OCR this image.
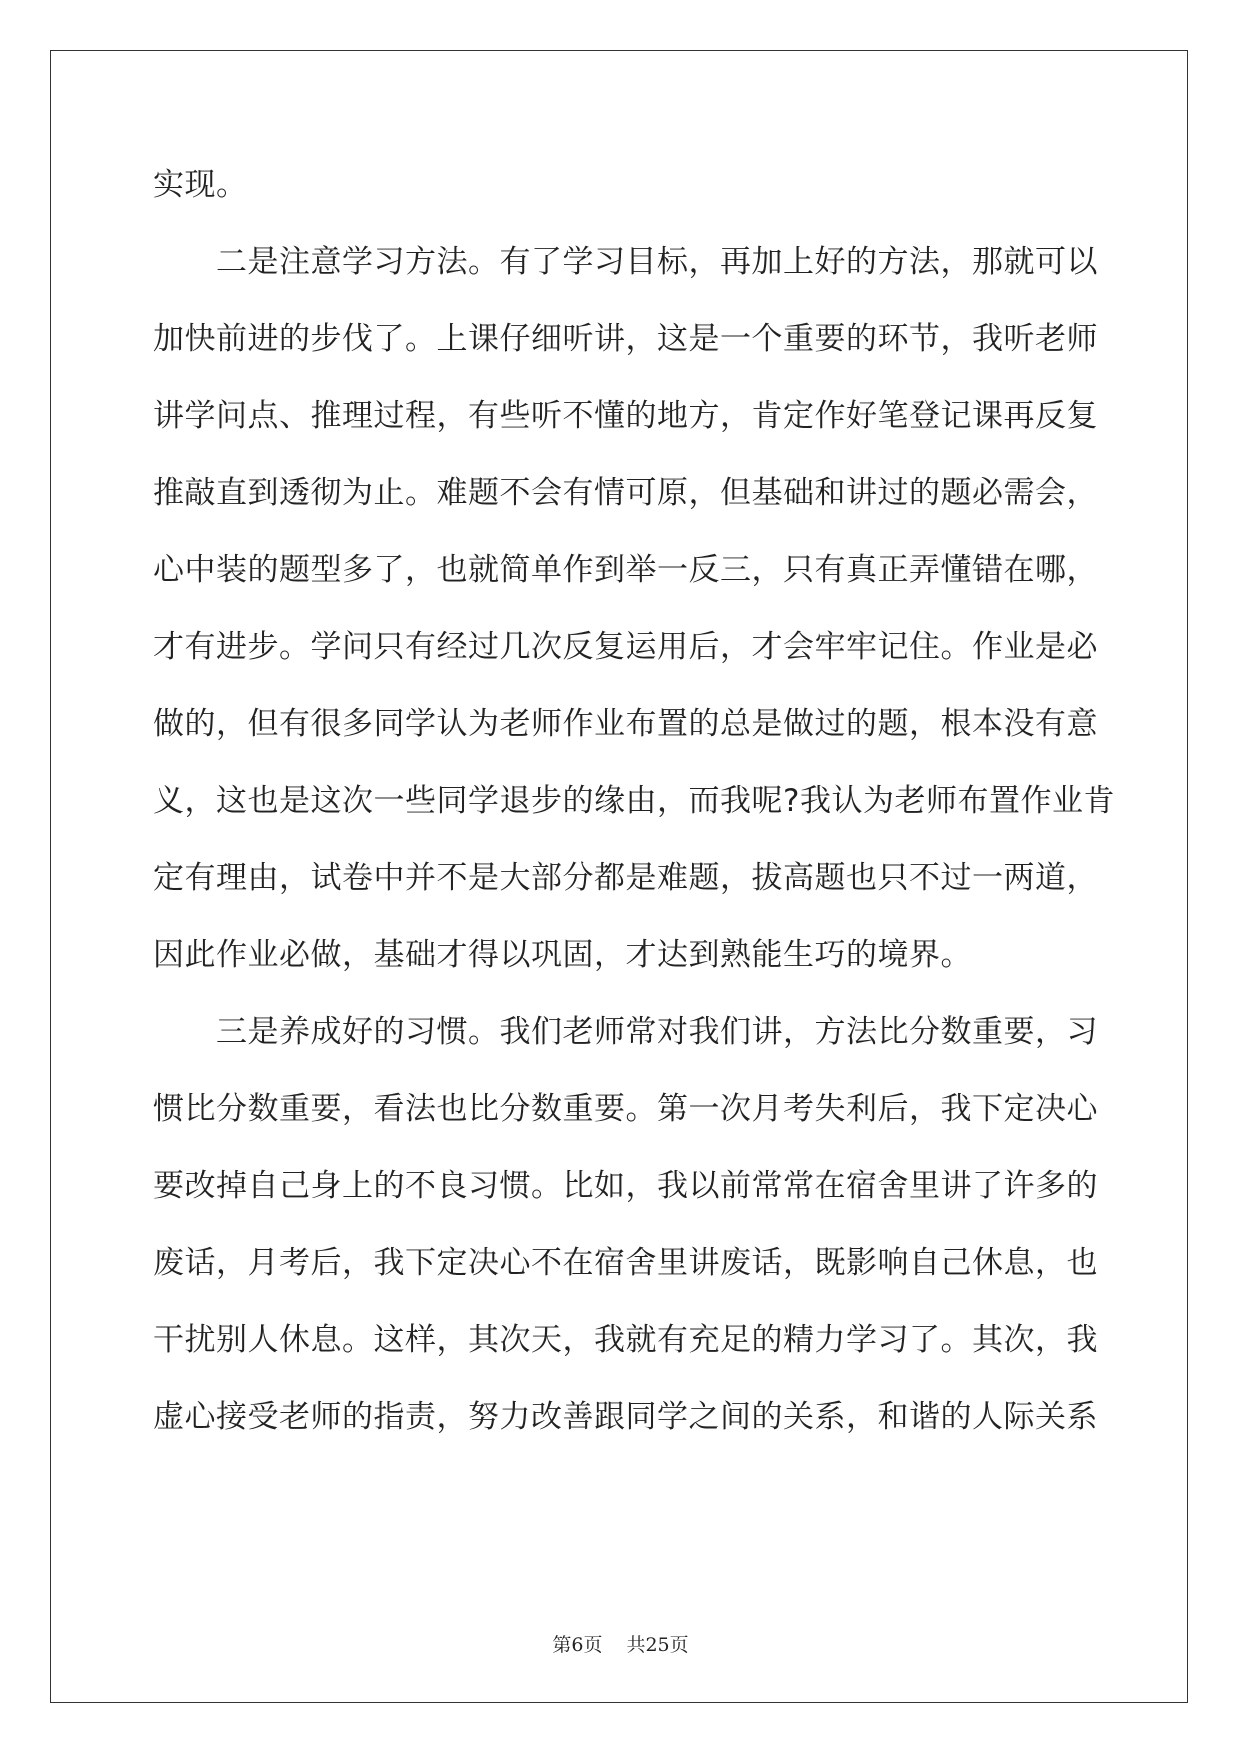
实现。
　　二是注意学习方法。有了学习目标，再加上好的方法，那就可以
加快前进的步伐了。上课仔细听讲，这是一个重要的环节，我听老师
讲学问点、推理过程，有些听不懂的地方，肯定作好笔登记课再反复
推敲直到透彻为止。难题不会有情可原，但基础和讲过的题必需会，
心中装的题型多了，也就简单作到举一反三，只有真正弄懂错在哪，
才有进步。学问只有经过几次反复运用后，才会牢牢记住。作业是必
做的，但有很多同学认为老师作业布置的总是做过的题，根本没有意
义，这也是这次一些同学退步的缘由，而我呢?我认为老师布置作业肯
定有理由，试卷中并不是大部分都是难题，拔高题也只不过一两道，
因此作业必做，基础才得以巩固，才达到熟能生巧的境界。
　　三是养成好的习惯。我们老师常对我们讲，方法比分数重要，习
惯比分数重要，看法也比分数重要。第一次月考失利后，我下定决心
要改掉自己身上的不良习惯。比如，我以前常常在宿舍里讲了许多的
废话，月考后，我下定决心不在宿舍里讲废话，既影响自己休息，也
干扰别人休息。这样，其次天，我就有充足的精力学习了。其次，我
虚心接受老师的指责，努力改善跟同学之间的关系，和谐的人际关系
第6页 共25页
